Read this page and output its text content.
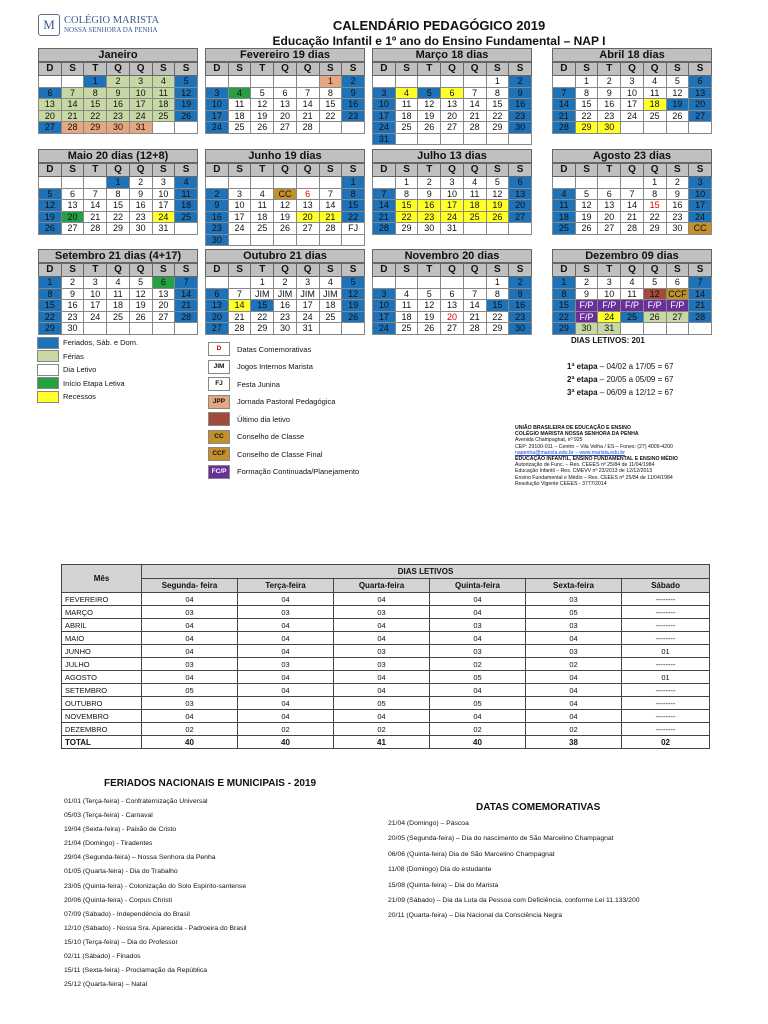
M COLÉGIO MARISTA
NOSSA SENHORA DA PENHA	CALENDÁRIO PEDAGÓGICO 2019
Educação Infantil e 1º ano do Ensino Fundamental – NAP I
Janeiro
D	S	T	Q	Q	S	S
		1	2	3	4	5
6	7	8	9	10	11	12
13	14	15	16	17	18	19
20	21	22	23	24	25	26
27	28	29	30	31		
Fevereiro 19 dias
D	S	T	Q	Q	S	S
					1	2
3	4	5	6	7	8	9
10	11	12	13	14	15	16
17	18	19	20	21	22	23
24	25	26	27	28		
Março 18 dias
D	S	T	Q	Q	S	S
					1	2
3	4	5	6	7	8	9
10	11	12	13	14	15	16
17	18	19	20	21	22	23
24	25	26	27	28	29	30
31						
Abril 18 dias
D	S	T	Q	Q	S	S
	1	2	3	4	5	6
7	8	9	10	11	12	13
14	15	16	17	18	19	20
21	22	23	24	25	26	27
28	29	30				
Maio 20 dias (12+8)
D	S	T	Q	Q	S	S
			1	2	3	4
5	6	7	8	9	10	11
12	13	14	15	16	17	18
19	20	21	22	23	24	25
26	27	28	29	30	31	
Junho 19 dias
D	S	T	Q	Q	S	S
						1
2	3	4	CC	6	7	8
9	10	11	12	13	14	15
16	17	18	19	20	21	22
23	24	25	26	27	28	FJ
30						
Julho 13 dias
D	S	T	Q	Q	S	S
	1	2	3	4	5	6
7	8	9	10	11	12	13
14	15	16	17	18	19	20
21	22	23	24	25	26	27
28	29	30	31			
Agosto 23 dias
D	S	T	Q	Q	S	S
				1	2	3
4	5	6	7	8	9	10
11	12	13	14	15	16	17
18	19	20	21	22	23	24
25	26	27	28	29	30	CC
Setembro 21 dias (4+17)
D	S	T	Q	Q	S	S
1	2	3	4	5	6	7
8	9	10	11	12	13	14
15	16	17	18	19	20	21
22	23	24	25	26	27	28
29	30					
Outubro 21 dias
D	S	T	Q	Q	S	S
		1	2	3	4	5
6	7	JIM	JIM	JIM	JIM	12
13	14	15	16	17	18	19
20	21	22	23	24	25	26
27	28	29	30	31		
Novembro 20 dias
D	S	T	Q	Q	S	S
					1	2
3	4	5	6	7	8	9
10	11	12	13	14	15	16
17	18	19	20	21	22	23
24	25	26	27	28	29	30
Dezembro 09 dias
D	S	T	Q	Q	S	S
1	2	3	4	5	6	7
8	9	10	11	12	CCF	14
15	F/P	F/P	F/P	F/P	F/P	21
22	F/P	24	25	26	27	28
29	30	31				
Feriados, Sáb. e Dom.
Férias
Dia Letivo
Início Etapa Letiva
Recessos
D	Datas Comemorativas
JIM	Jogos Internos Marista
FJ	Festa Junina
JPP	Jornada Pastoral Pedagógica
Último dia letivo
CC	Conselho de Classe
CCF	Conselho de Classe Final
FC/P	Formação Continuada/Planejamento
DIAS LETIVOS: 201
1ª etapa – 04/02 a 17/05 = 67
2ª etapa – 20/05 a 05/09 = 67
3ª etapa – 06/09 a 12/12 = 67
UNIÃO BRASILEIRA DE EDUCAÇÃO E ENSINO
COLÉGIO MARISTA NOSSA SENHORA DA PENHA
Avenida Champagnat, nº 925
CEP: 29100-011 – Centro – Vila Velha / ES – Fones: (27) 4009-4200
napenha@marista.edu.br – www.marista.edu.br
EDUCAÇÃO INFANTIL, ENSINO FUNDAMENTAL E ENSINO MÉDIO
Autorização de Func. – Res. CEEES nº 25/84 de 11/04/1984
Educação Infantil – Res. CMEVV nº 23/2013 de 12/12/2013
Ensino Fundamental e Médio – Res. CEEES nº 25/84 de 11/04/1984
Resolução Vigente CEEES - 3777/2014
Mês	DIAS LETIVOS					
	Segunda- feira	Terça-feira	Quarta-feira	Quinta-feira	Sexta-feira	Sábado
FEVEREIRO	04	04	04	04	03	--------
MARÇO	03	03	03	04	05	--------
ABRIL	04	04	04	03	03	--------
MAIO	04	04	04	04	04	--------
JUNHO	04	04	03	03	03	01
JULHO	03	03	03	02	02	--------
AGOSTO	04	04	04	05	04	01
SETEMBRO	05	04	04	04	04	--------
OUTUBRO	03	04	05	05	04	--------
NOVEMBRO	04	04	04	04	04	--------
DEZEMBRO	02	02	02	02	02	--------
TOTAL	40	40	41	40	38	02
FERIADOS NACIONAIS E MUNICIPAIS - 2019
01/01 (Terça-feira) - Confraternização Universal
05/03 (Terça-feira) - Carnaval
19/04 (Sexta-feira) - Paixão de Cristo
21/04 (Domingo) - Tiradentes
29/04 (Segunda-feira) – Nossa Senhora da Penha
01/05 (Quarta-feira) - Dia do Trabalho
23/05 (Quinta-feira) - Colonização do Solo Espírito-santense
20/06 (Quinta-feira) - Corpus Christi
07/09 (Sábado) - Independência do Brasil
12/10 (Sábado) - Nossa Sra. Aparecida - Padroeira do Brasil
15/10 (Terça-feira) – Dia do Professor
02/11 (Sábado) - Finados
15/11 (Sexta-feira) - Proclamação da República
25/12 (Quarta-feira) – Natal
DATAS COMEMORATIVAS
21/04 (Domingo) – Páscoa
20/05 (Segunda-feira) – Dia do nascimento de São Marcelino Champagnat
06/06 (Quinta-feira) Dia de São Marcelino Champagnat
11/08 (Domingo) Dia do estudante
15/08 (Quinta-feira) – Dia do Marista
21/09 (Sábado) – Dia da Luta da Pessoa com Deficiência, conforme Lei 11.133/200
20/11 (Quarta-feira) – Dia Nacional da Consciência Negra
